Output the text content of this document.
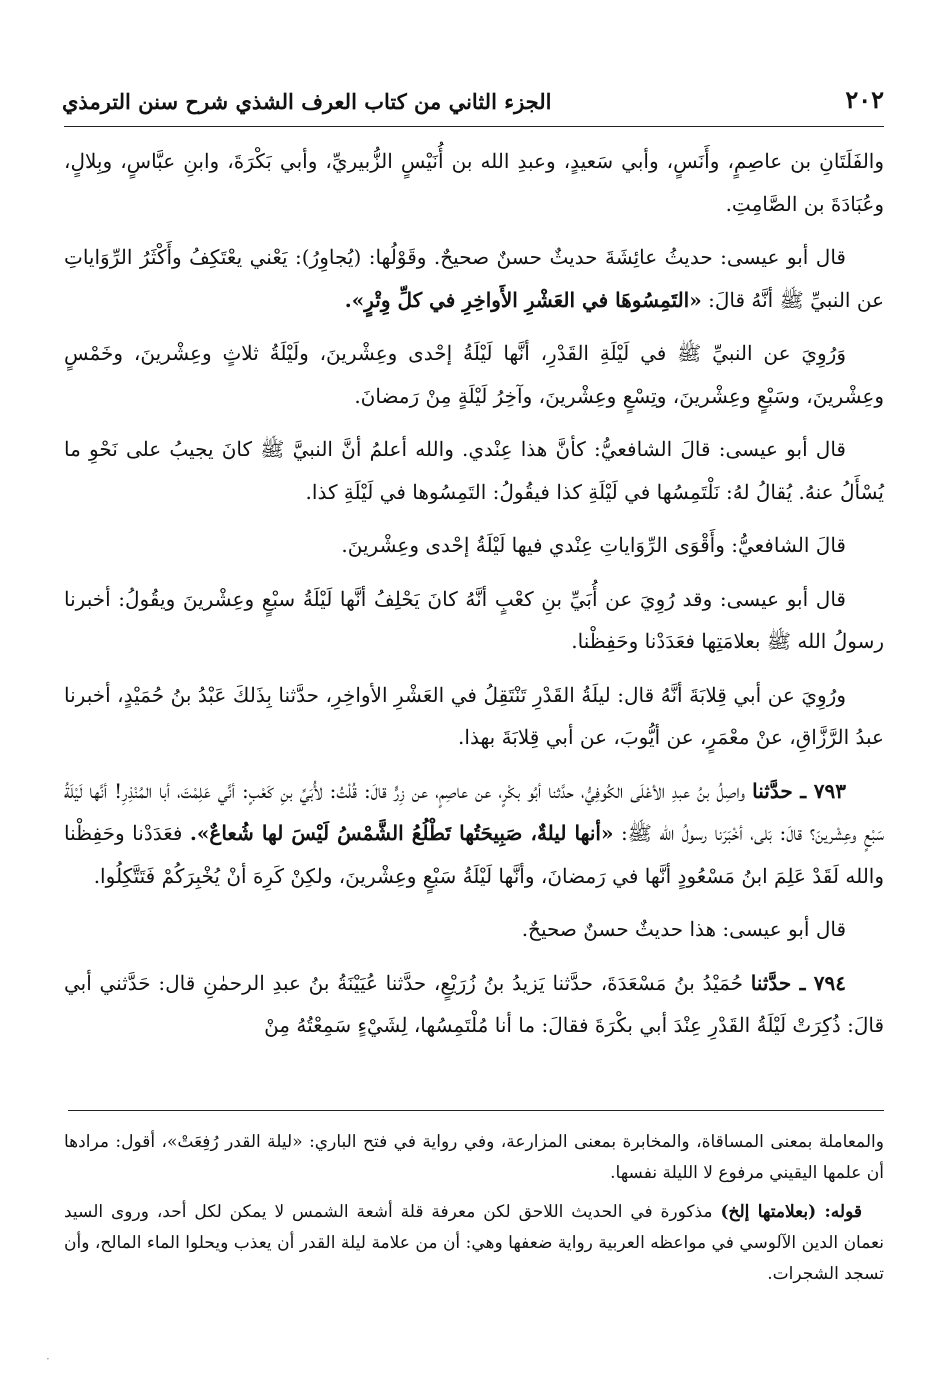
٢٠٢
الجزء الثاني من كتاب العرف الشذي شرح سنن الترمذي

والفَلَتَانِ بن عاصِمٍ، وأَنَسٍ، وأبي سَعيدٍ، وعبدِ الله بن أُنَيْسٍ الزُّبيريِّ، وأبي بَكْرَةَ، وابنِ عبَّاسٍ، وبِلالٍ، وعُبَادَةَ بن الصَّامِتِ.

قال أبو عيسى: حديثُ عائِشَةَ حديثٌ حسنٌ صحيحٌ. وقَوْلُها: (يُجاوِرُ): يَعْني يعْتَكِفُ وأَكْثَرُ الرِّوَاياتِ عن النبيِّ ﷺ أنَّهُ قالَ: «التَمِسُوهَا في العَشْرِ الأَواخِرِ في كلِّ وِتْرٍ».

وَرُوِيَ عن النبيِّ ﷺ في لَيْلَةِ القَدْرِ، أنَّها لَيْلَةُ إحْدى وعِشْرينَ، ولَيْلَةُ ثلاثٍ وعِشْرينَ، وخَمْسٍ وعِشْرينَ، وسَبْعٍ وعِشْرينَ، وتِسْعٍ وعِشْرينَ، وآخِرُ لَيْلَةٍ مِنْ رَمضانَ.

قال أبو عيسى: قالَ الشافعيُّ: كأنَّ هذا عِنْدي. والله أعلمُ أنَّ النبيَّ ﷺ كانَ يجيبُ على نَحْوِ ما يُسْأَلُ عنهُ. يُقالُ لهُ: نَلْتَمِسُها في لَيْلَةِ كذا فيقُولُ: التَمِسُوها في لَيْلَةِ كذا.

قالَ الشافعيُّ: وأَقْوَى الرِّوَاياتِ عِنْدي فيها لَيْلَةُ إحْدى وعِشْرينَ.

قال أبو عيسى: وقد رُوِيَ عن أُبَيِّ بنِ كعْبٍ أنَّهُ كانَ يَحْلِفُ أنَّها لَيْلَةُ سبْعٍ وعِشْرينَ ويقُولُ: أخبرنا رسولُ الله ﷺ بعلامَتِها فعَدَدْنا وحَفِظْنا.

ورُوِيَ عن أبي قِلابَةَ أنَّهُ قال: ليلَةُ القَدْرِ تَنْتَقِلُ في العَشْرِ الأواخِرِ، حدَّثنا بِذَلكَ عَبْدُ بنُ حُمَيْدٍ، أخبرنا عبدُ الرَّزَّاقِ، عنْ معْمَرٍ، عن أيُّوبَ، عن أبي قِلابَةَ بهذا.

٧٩٣ ـ حدَّثنا واصِلُ بنُ عبدِ الأعْلَى الكُوفِيُّ، حدَّثنا أبُو بكْرٍ، عن عاصِمٍ، عن زِرٍّ قالَ: قُلْتُ: لأُبَيِّ بنِ كَعْبٍ: أنَّي عَلِمْتَ، أبا المُنْذِرِ! أنَّها لَيْلَةُ سَبْعٍ وعِشْرينَ؟ قالَ: بَلى، أخْبَرَنا رسولُ الله ﷺ: «أنها ليلةٌ، صَبِيحَتُها تَطْلُعُ الشَّمْسُ لَيْسَ لها شُعاعٌ». فعَدَدْنا وحَفِظْنا والله لَقَدْ عَلِمَ ابنُ مَسْعُودٍ أنَّها في رَمضانَ، وأنَّها لَيْلَةُ سَبْعٍ وعِشْرينَ، ولكِنْ كَرِهَ أنْ يُخْبِرَكُمْ فَتَتَّكِلُوا.

قال أبو عيسى: هذا حديثٌ حسنٌ صحيحٌ.

٧٩٤ ـ حدَّثنا حُمَيْدُ بنُ مَسْعَدَةَ، حدَّثنا يَزيدُ بنُ زُرَيْعٍ، حدَّثنا عُيَيْنَةُ بنُ عبدِ الرحمٰنِ قال: حَدَّثني أبي قالَ: ذُكِرَتْ لَيْلَةُ القَدْرِ عِنْدَ أبي بكْرَةَ فقالَ: ما أنا مُلْتَمِسُها، لِشَيْءٍ سَمِعْتُهُ مِنْ

والمعاملة بمعنى المساقاة، والمخابرة بمعنى المزارعة، وفي رواية في فتح الباري: «ليلة القدر رُفِعَتْ»، أقول: مرادها أن علمها اليقيني مرفوع لا الليلة نفسها.

قوله: (بعلامتها إلخ) مذكورة في الحديث اللاحق لكن معرفة قلة أشعة الشمس لا يمكن لكل أحد، وروى السيد نعمان الدين الآلوسي في مواعظه العربية رواية ضعفها وهي: أن من علامة ليلة القدر أن يعذب ويحلوا الماء المالح، وأن تسجد الشجرات.

·
